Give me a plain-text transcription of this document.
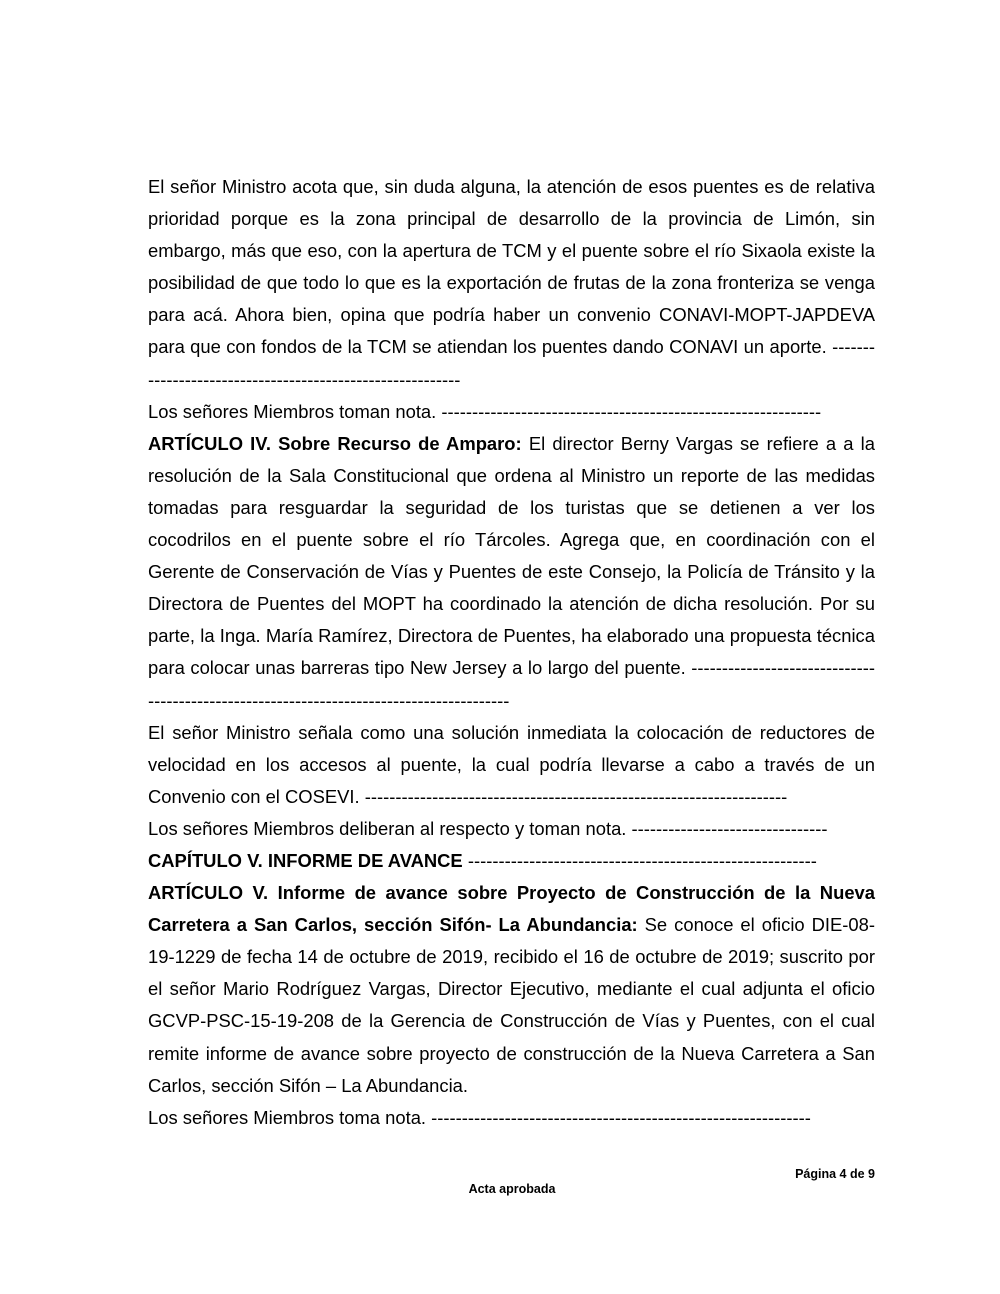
El señor Ministro acota que, sin duda alguna, la atención de esos puentes es de relativa prioridad porque es la zona principal de desarrollo de la provincia de Limón, sin embargo, más que eso, con la apertura de TCM y el puente sobre el río Sixaola existe la posibilidad de que todo lo que es la exportación de frutas de la zona fronteriza se venga para acá. Ahora bien, opina que podría haber un convenio CONAVI-MOPT-JAPDEVA para que con fondos de la TCM se atiendan los puentes dando CONAVI un aporte. ----------------------------------------------------------

Los señores Miembros toman nota. --------------------------------------------------------------

ARTÍCULO IV. Sobre Recurso de Amparo: El director Berny Vargas se refiere a a la resolución de la Sala Constitucional que ordena al Ministro un reporte de las medidas tomadas para resguardar la seguridad de los turistas que se detienen a ver los cocodrilos en el puente sobre el río Tárcoles. Agrega que, en coordinación con el Gerente de Conservación de Vías y Puentes de este Consejo, la Policía de Tránsito y la Directora de Puentes del MOPT ha coordinado la atención de dicha resolución. Por su parte, la Inga. María Ramírez, Directora de Puentes, ha elaborado una propuesta técnica para colocar unas barreras tipo New Jersey a lo largo del puente. -----------------------------------------------------------------------------------------

El señor Ministro señala como una solución inmediata la colocación de reductores de velocidad en los accesos al puente, la cual podría llevarse a cabo a través de un Convenio con el COSEVI. ---------------------------------------------------------------------

Los señores Miembros deliberan al respecto y toman nota. --------------------------------

CAPÍTULO V. INFORME DE AVANCE ---------------------------------------------------------

ARTÍCULO V. Informe de avance sobre Proyecto de Construcción de la Nueva Carretera a San Carlos, sección Sifón- La Abundancia: Se conoce el oficio DIE-08-19-1229 de fecha 14 de octubre de 2019, recibido el 16 de octubre de 2019; suscrito por el señor Mario Rodríguez Vargas, Director Ejecutivo, mediante el cual adjunta el oficio GCVP-PSC-15-19-208 de la Gerencia de Construcción de Vías y Puentes, con el cual remite informe de avance sobre proyecto de construcción de la Nueva Carretera a San Carlos, sección Sifón – La Abundancia.

Los señores Miembros toma nota. --------------------------------------------------------------

Página 4 de 9
Acta aprobada
